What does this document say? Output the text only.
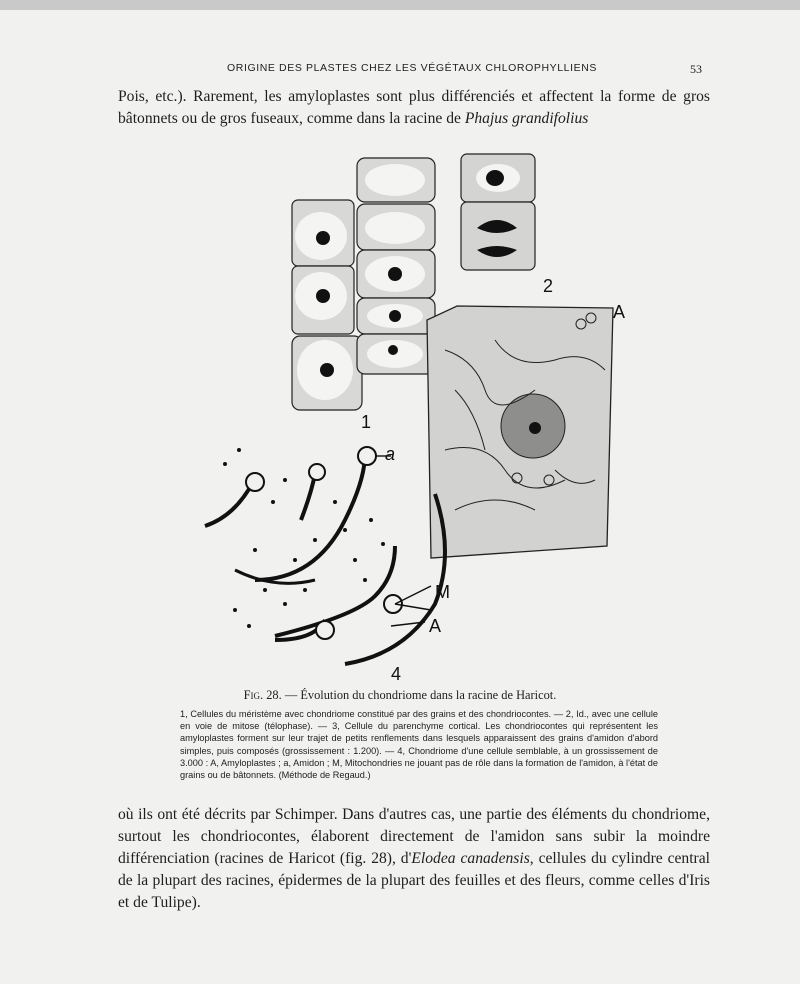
ORIGINE DES PLASTES CHEZ LES VÉGÉTAUX CHLOROPHYLLIENS	53

Pois, etc.). Rarement, les amyloplastes sont plus différenciés et affectent la forme de gros bâtonnets ou de gros fuseaux, comme dans la racine de Phajus grandifolius

1
2
A
a
M
A
4
Fig. 28. — Évolution du chondriome dans la racine de Haricot.
1, Cellules du méristème avec chondriome constitué par des grains et des chondriocontes. — 2, Id., avec une cellule en voie de mitose (télophase). — 3, Cellule du parenchyme cortical. Les chondriocontes qui représentent les amyloplastes forment sur leur trajet de petits renflements dans lesquels apparaissent des grains d'amidon d'abord simples, puis composés (grossissement : 1.200). — 4, Chondriome d'une cellule semblable, à un grossissement de 3.000 : A, Amyloplastes ; a, Amidon ; M, Mitochondries ne jouant pas de rôle dans la formation de l'amidon, à l'état de grains ou de bâtonnets. (Méthode de Regaud.)

où ils ont été décrits par Schimper. Dans d'autres cas, une partie des éléments du chondriome, surtout les chondriocontes, élaborent directement de l'amidon sans subir la moindre différenciation (racines de Haricot (fig. 28), d'Elodea canadensis, cellules du cylindre central de la plupart des racines, épidermes de la plupart des feuilles et des fleurs, comme celles d'Iris et de Tulipe).
